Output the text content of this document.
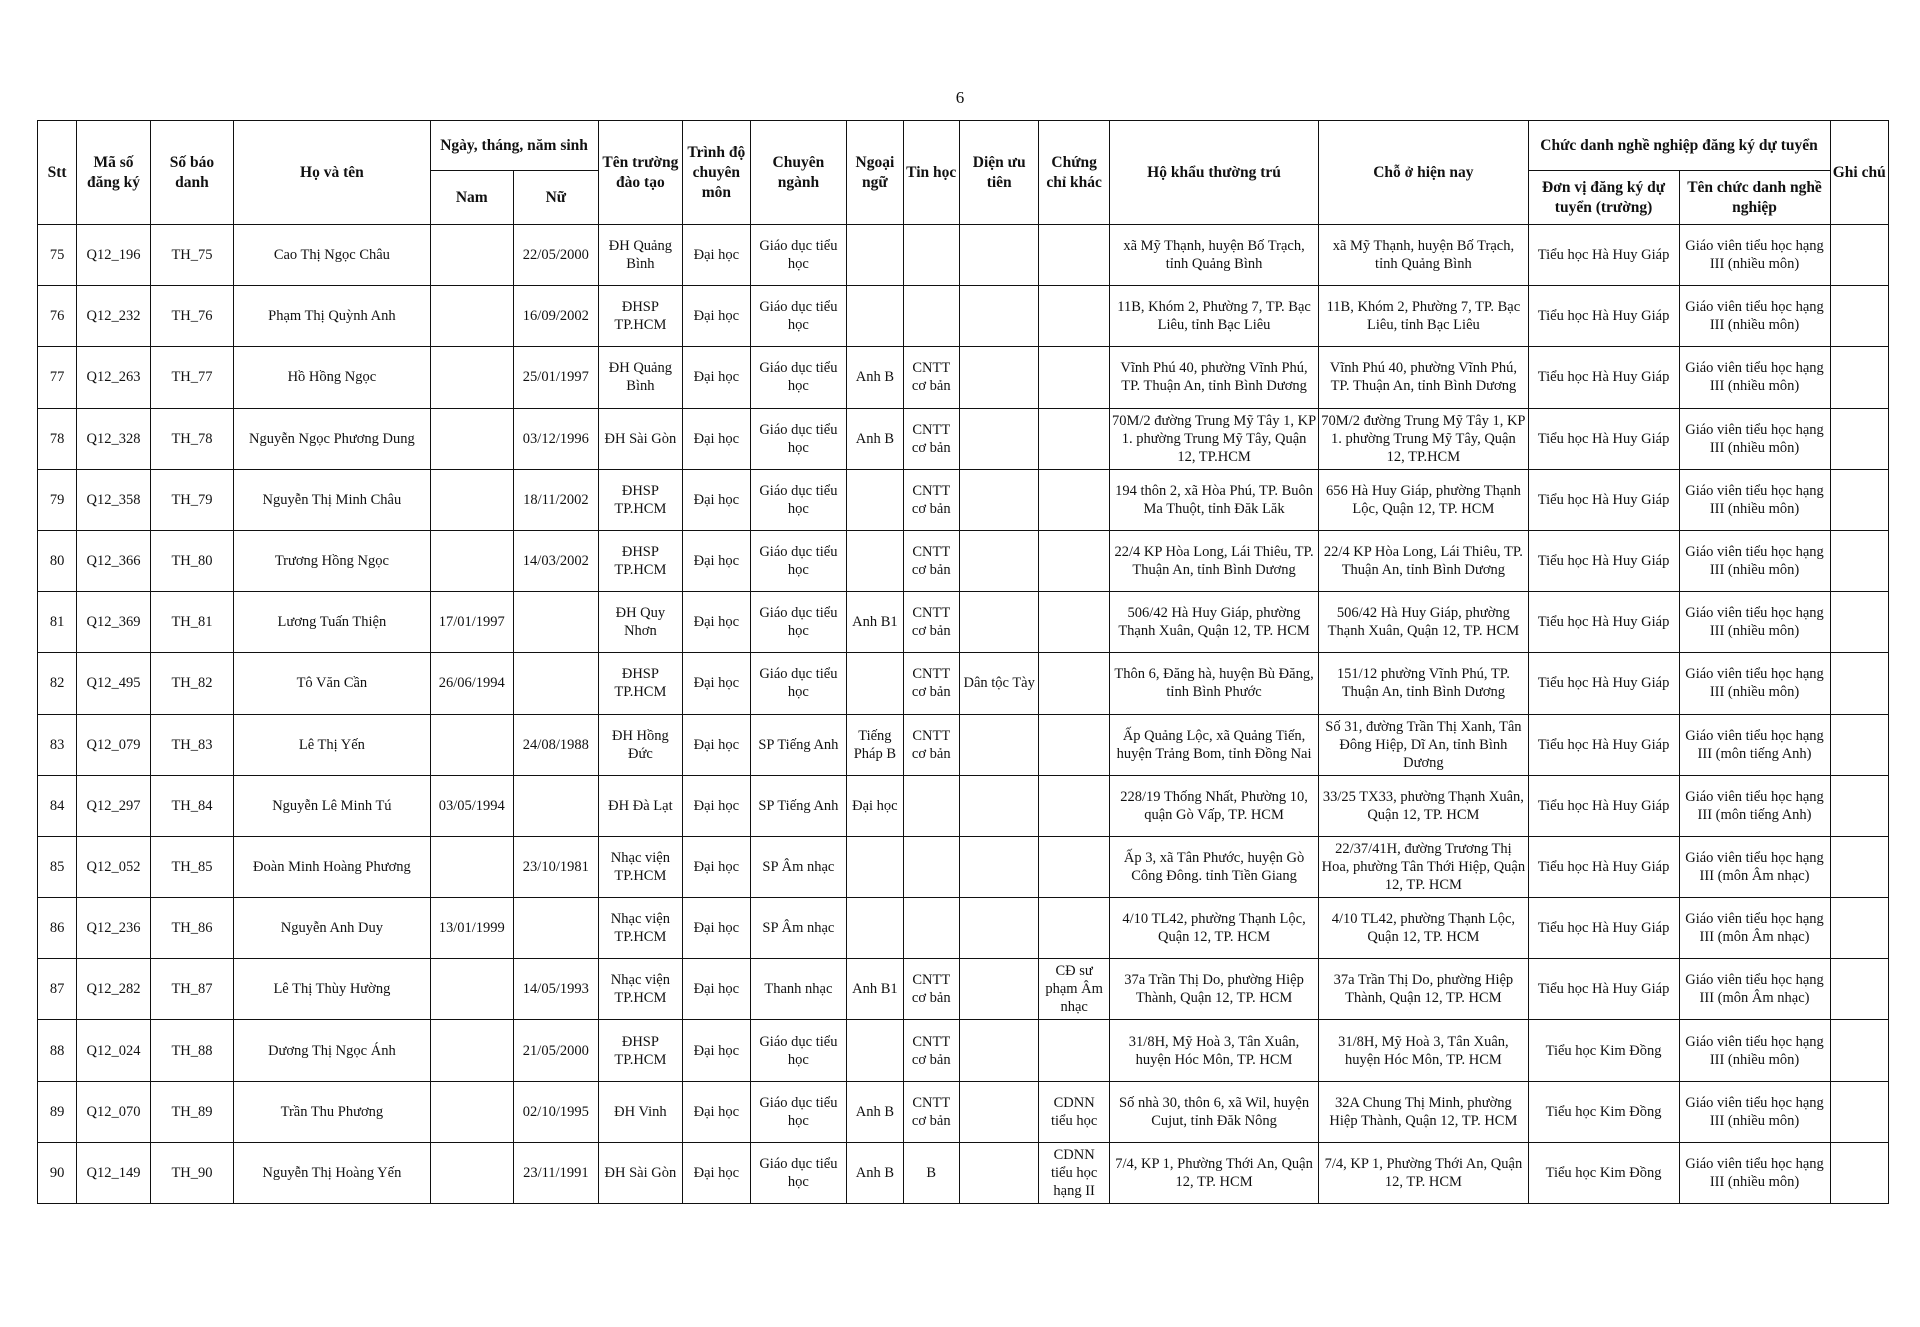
6
Stt	Mã số đăng ký	Số báo danh	Họ và tên	Ngày, tháng, năm sinh		Tên trường đào tạo	Trình độ chuyên môn	Chuyên ngành	Ngoại ngữ	Tin học	Diện ưu tiên	Chứng chỉ khác	Hộ khẩu thường trú	Chỗ ở hiện nay	Chức danh nghề nghiệp đăng ký dự tuyển		Ghi chú
				Nam	Nữ										Đơn vị đăng ký dự tuyển (trường)	Tên chức danh nghề nghiệp	
75	Q12_196	TH_75	Cao Thị Ngọc Châu		22/05/2000	ĐH Quảng Bình	Đại học	Giáo dục tiểu học					xã Mỹ Thạnh, huyện Bố Trạch, tỉnh Quảng Bình	xã Mỹ Thạnh, huyện Bố Trạch, tỉnh Quảng Bình	Tiểu học Hà Huy Giáp	Giáo viên tiểu học hạng III (nhiều môn)	
76	Q12_232	TH_76	Phạm Thị Quỳnh Anh		16/09/2002	ĐHSP TP.HCM	Đại học	Giáo dục tiểu học					11B, Khóm 2, Phường 7, TP. Bạc Liêu, tỉnh Bạc Liêu	11B, Khóm 2, Phường 7, TP. Bạc Liêu, tỉnh Bạc Liêu	Tiểu học Hà Huy Giáp	Giáo viên tiểu học hạng III (nhiều môn)	
77	Q12_263	TH_77	Hồ Hồng Ngọc		25/01/1997	ĐH Quảng Bình	Đại học	Giáo dục tiểu học	Anh B	CNTT cơ bản			Vĩnh Phú 40, phường Vĩnh Phú, TP. Thuận An, tỉnh Bình Dương	Vĩnh Phú 40, phường Vĩnh Phú, TP. Thuận An, tỉnh Bình Dương	Tiểu học Hà Huy Giáp	Giáo viên tiểu học hạng III (nhiều môn)	
78	Q12_328	TH_78	Nguyễn Ngọc Phương Dung		03/12/1996	ĐH Sài Gòn	Đại học	Giáo dục tiểu học	Anh B	CNTT cơ bản			70M/2 đường Trung Mỹ Tây 1, KP 1. phường Trung Mỹ Tây, Quận 12, TP.HCM	70M/2 đường Trung Mỹ Tây 1, KP 1. phường Trung Mỹ Tây, Quận 12, TP.HCM	Tiểu học Hà Huy Giáp	Giáo viên tiểu học hạng III (nhiều môn)	
79	Q12_358	TH_79	Nguyễn Thị Minh Châu		18/11/2002	ĐHSP TP.HCM	Đại học	Giáo dục tiểu học		CNTT cơ bản			194 thôn 2, xã Hòa Phú, TP. Buôn Ma Thuột, tỉnh Đăk Lăk	656 Hà Huy Giáp, phường Thạnh Lộc, Quận 12, TP. HCM	Tiểu học Hà Huy Giáp	Giáo viên tiểu học hạng III (nhiều môn)	
80	Q12_366	TH_80	Trương Hồng Ngọc		14/03/2002	ĐHSP TP.HCM	Đại học	Giáo dục tiểu học		CNTT cơ bản			22/4 KP Hòa Long, Lái Thiêu, TP. Thuận An, tỉnh Bình Dương	22/4 KP Hòa Long, Lái Thiêu, TP. Thuận An, tỉnh Bình Dương	Tiểu học Hà Huy Giáp	Giáo viên tiểu học hạng III (nhiều môn)	
81	Q12_369	TH_81	Lương Tuấn Thiện	17/01/1997		ĐH Quy Nhơn	Đại học	Giáo dục tiểu học	Anh B1	CNTT cơ bản			506/42 Hà Huy Giáp, phường Thạnh Xuân, Quận 12, TP. HCM	506/42 Hà Huy Giáp, phường Thạnh Xuân, Quận 12, TP. HCM	Tiểu học Hà Huy Giáp	Giáo viên tiểu học hạng III (nhiều môn)	
82	Q12_495	TH_82	Tô Văn Cần	26/06/1994		ĐHSP TP.HCM	Đại học	Giáo dục tiểu học		CNTT cơ bản	Dân tộc Tày		Thôn 6, Đăng hà, huyện Bù Đăng, tỉnh Bình Phước	151/12 phường Vĩnh Phú, TP. Thuận An, tỉnh Bình Dương	Tiểu học Hà Huy Giáp	Giáo viên tiểu học hạng III (nhiều môn)	
83	Q12_079	TH_83	Lê Thị Yến		24/08/1988	ĐH Hồng Đức	Đại học	SP Tiếng Anh	Tiếng Pháp B	CNTT cơ bản			Ấp Quảng Lộc, xã Quảng Tiến, huyện Trảng Bom, tỉnh Đồng Nai	Số 31, đường Trần Thị Xanh, Tân Đông Hiệp, Dĩ An, tỉnh Bình Dương	Tiểu học Hà Huy Giáp	Giáo viên tiểu học hạng III (môn tiếng Anh)	
84	Q12_297	TH_84	Nguyễn Lê Minh Tú	03/05/1994		ĐH Đà Lạt	Đại học	SP Tiếng Anh	Đại học				228/19 Thống Nhất, Phường 10, quận Gò Vấp, TP. HCM	33/25 TX33, phường Thạnh Xuân, Quận 12, TP. HCM	Tiểu học Hà Huy Giáp	Giáo viên tiểu học hạng III (môn tiếng Anh)	
85	Q12_052	TH_85	Đoàn Minh Hoàng Phương		23/10/1981	Nhạc viện TP.HCM	Đại học	SP Âm nhạc					Ấp 3, xã Tân Phước, huyện Gò Công Đông. tỉnh Tiền Giang	22/37/41H, đường Trương Thị Hoa, phường Tân Thới Hiệp, Quận 12, TP. HCM	Tiểu học Hà Huy Giáp	Giáo viên tiểu học hạng III (môn Âm nhạc)	
86	Q12_236	TH_86	Nguyễn Anh Duy	13/01/1999		Nhạc viện TP.HCM	Đại học	SP Âm nhạc					4/10 TL42, phường Thạnh Lộc, Quận 12, TP. HCM	4/10 TL42, phường Thạnh Lộc, Quận 12, TP. HCM	Tiểu học Hà Huy Giáp	Giáo viên tiểu học hạng III (môn Âm nhạc)	
87	Q12_282	TH_87	Lê Thị Thùy Hường		14/05/1993	Nhạc viện TP.HCM	Đại học	Thanh nhạc	Anh B1	CNTT cơ bản		CĐ sư phạm Âm nhạc	37a Trần Thị Do, phường Hiệp Thành, Quận 12, TP. HCM	37a Trần Thị Do, phường Hiệp Thành, Quận 12, TP. HCM	Tiểu học Hà Huy Giáp	Giáo viên tiểu học hạng III (môn Âm nhạc)	
88	Q12_024	TH_88	Dương Thị Ngọc Ánh		21/05/2000	ĐHSP TP.HCM	Đại học	Giáo dục tiểu học		CNTT cơ bản			31/8H, Mỹ Hoà 3, Tân Xuân, huyện Hóc Môn, TP. HCM	31/8H, Mỹ Hoà 3, Tân Xuân, huyện Hóc Môn, TP. HCM	Tiểu học Kim Đồng	Giáo viên tiểu học hạng III (nhiều môn)	
89	Q12_070	TH_89	Trần Thu Phương		02/10/1995	ĐH Vinh	Đại học	Giáo dục tiểu học	Anh B	CNTT cơ bản		CDNN tiểu học	Số nhà 30, thôn 6, xã Wil, huyện Cujut, tỉnh Đăk Nông	32A Chung Thị Minh, phường Hiệp Thành, Quận 12, TP. HCM	Tiểu học Kim Đồng	Giáo viên tiểu học hạng III (nhiều môn)	
90	Q12_149	TH_90	Nguyễn Thị Hoàng Yến		23/11/1991	ĐH Sài Gòn	Đại học	Giáo dục tiểu học	Anh B	B		CDNN tiểu học hạng II	7/4, KP 1, Phường Thới An, Quận 12, TP. HCM	7/4, KP 1, Phường Thới An, Quận 12, TP. HCM	Tiểu học Kim Đồng	Giáo viên tiểu học hạng III (nhiều môn)	
